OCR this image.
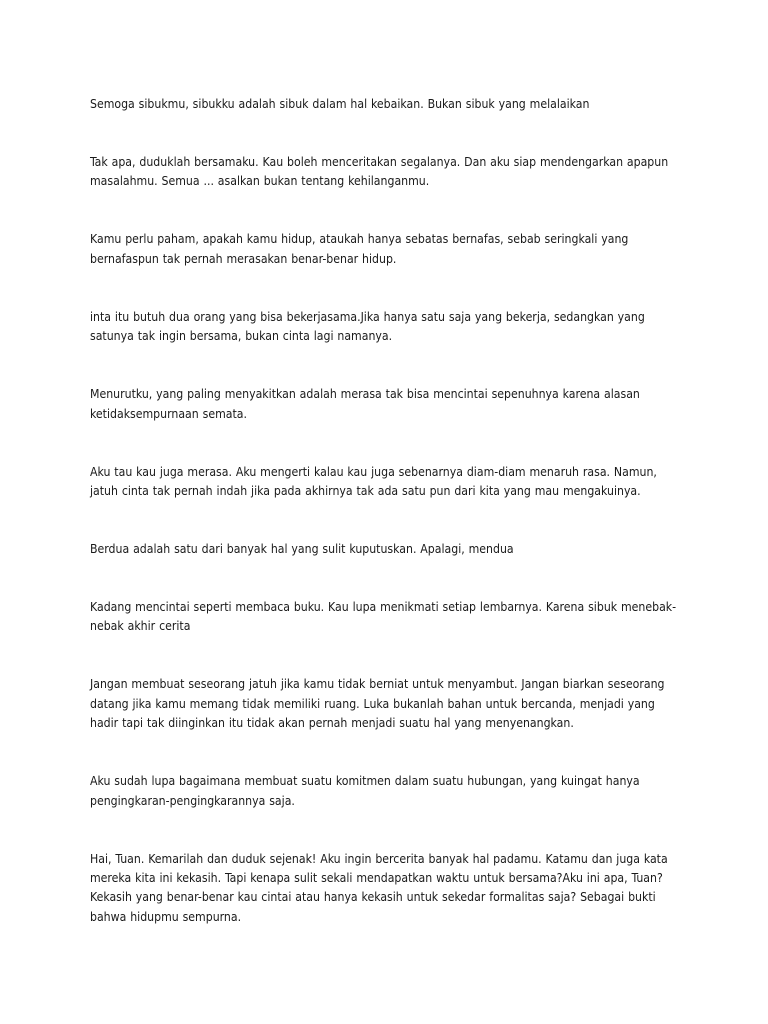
Semoga sibukmu, sibukku adalah sibuk dalam hal kebaikan. Bukan sibuk yang melalaikan

Tak apa, duduklah bersamaku. Kau boleh menceritakan segalanya. Dan aku siap mendengarkan apapun masalahmu. Semua ... asalkan bukan tentang kehilanganmu.

Kamu perlu paham, apakah kamu hidup, ataukah hanya sebatas bernafas, sebab seringkali yang bernafaspun tak pernah merasakan benar-benar hidup.

inta itu butuh dua orang yang bisa bekerjasama.Jika hanya satu saja yang bekerja, sedangkan yang satunya tak ingin bersama, bukan cinta lagi namanya.

Menurutku, yang paling menyakitkan adalah merasa tak bisa mencintai sepenuhnya karena alasan ketidaksempurnaan semata.

Aku tau kau juga merasa. Aku mengerti kalau kau juga sebenarnya diam-diam menaruh rasa. Namun, jatuh cinta tak pernah indah jika pada akhirnya tak ada satu pun dari kita yang mau mengakuinya.

Berdua adalah satu dari banyak hal yang sulit kuputuskan. Apalagi, mendua

Kadang mencintai seperti membaca buku. Kau lupa menikmati setiap lembarnya. Karena sibuk menebak-nebak akhir cerita

Jangan membuat seseorang jatuh jika kamu tidak berniat untuk menyambut. Jangan biarkan seseorang datang jika kamu memang tidak memiliki ruang. Luka bukanlah bahan untuk bercanda, menjadi yang hadir tapi tak diinginkan itu tidak akan pernah menjadi suatu hal yang menyenangkan.

Aku sudah lupa bagaimana membuat suatu komitmen dalam suatu hubungan, yang kuingat hanya pengingkaran-pengingkarannya saja.

Hai, Tuan. Kemarilah dan duduk sejenak! Aku ingin bercerita banyak hal padamu. Katamu dan juga kata mereka kita ini kekasih. Tapi kenapa sulit sekali mendapatkan waktu untuk bersama?Aku ini apa, Tuan? Kekasih yang benar-benar kau cintai atau hanya kekasih untuk sekedar formalitas saja? Sebagai bukti bahwa hidupmu sempurna.
